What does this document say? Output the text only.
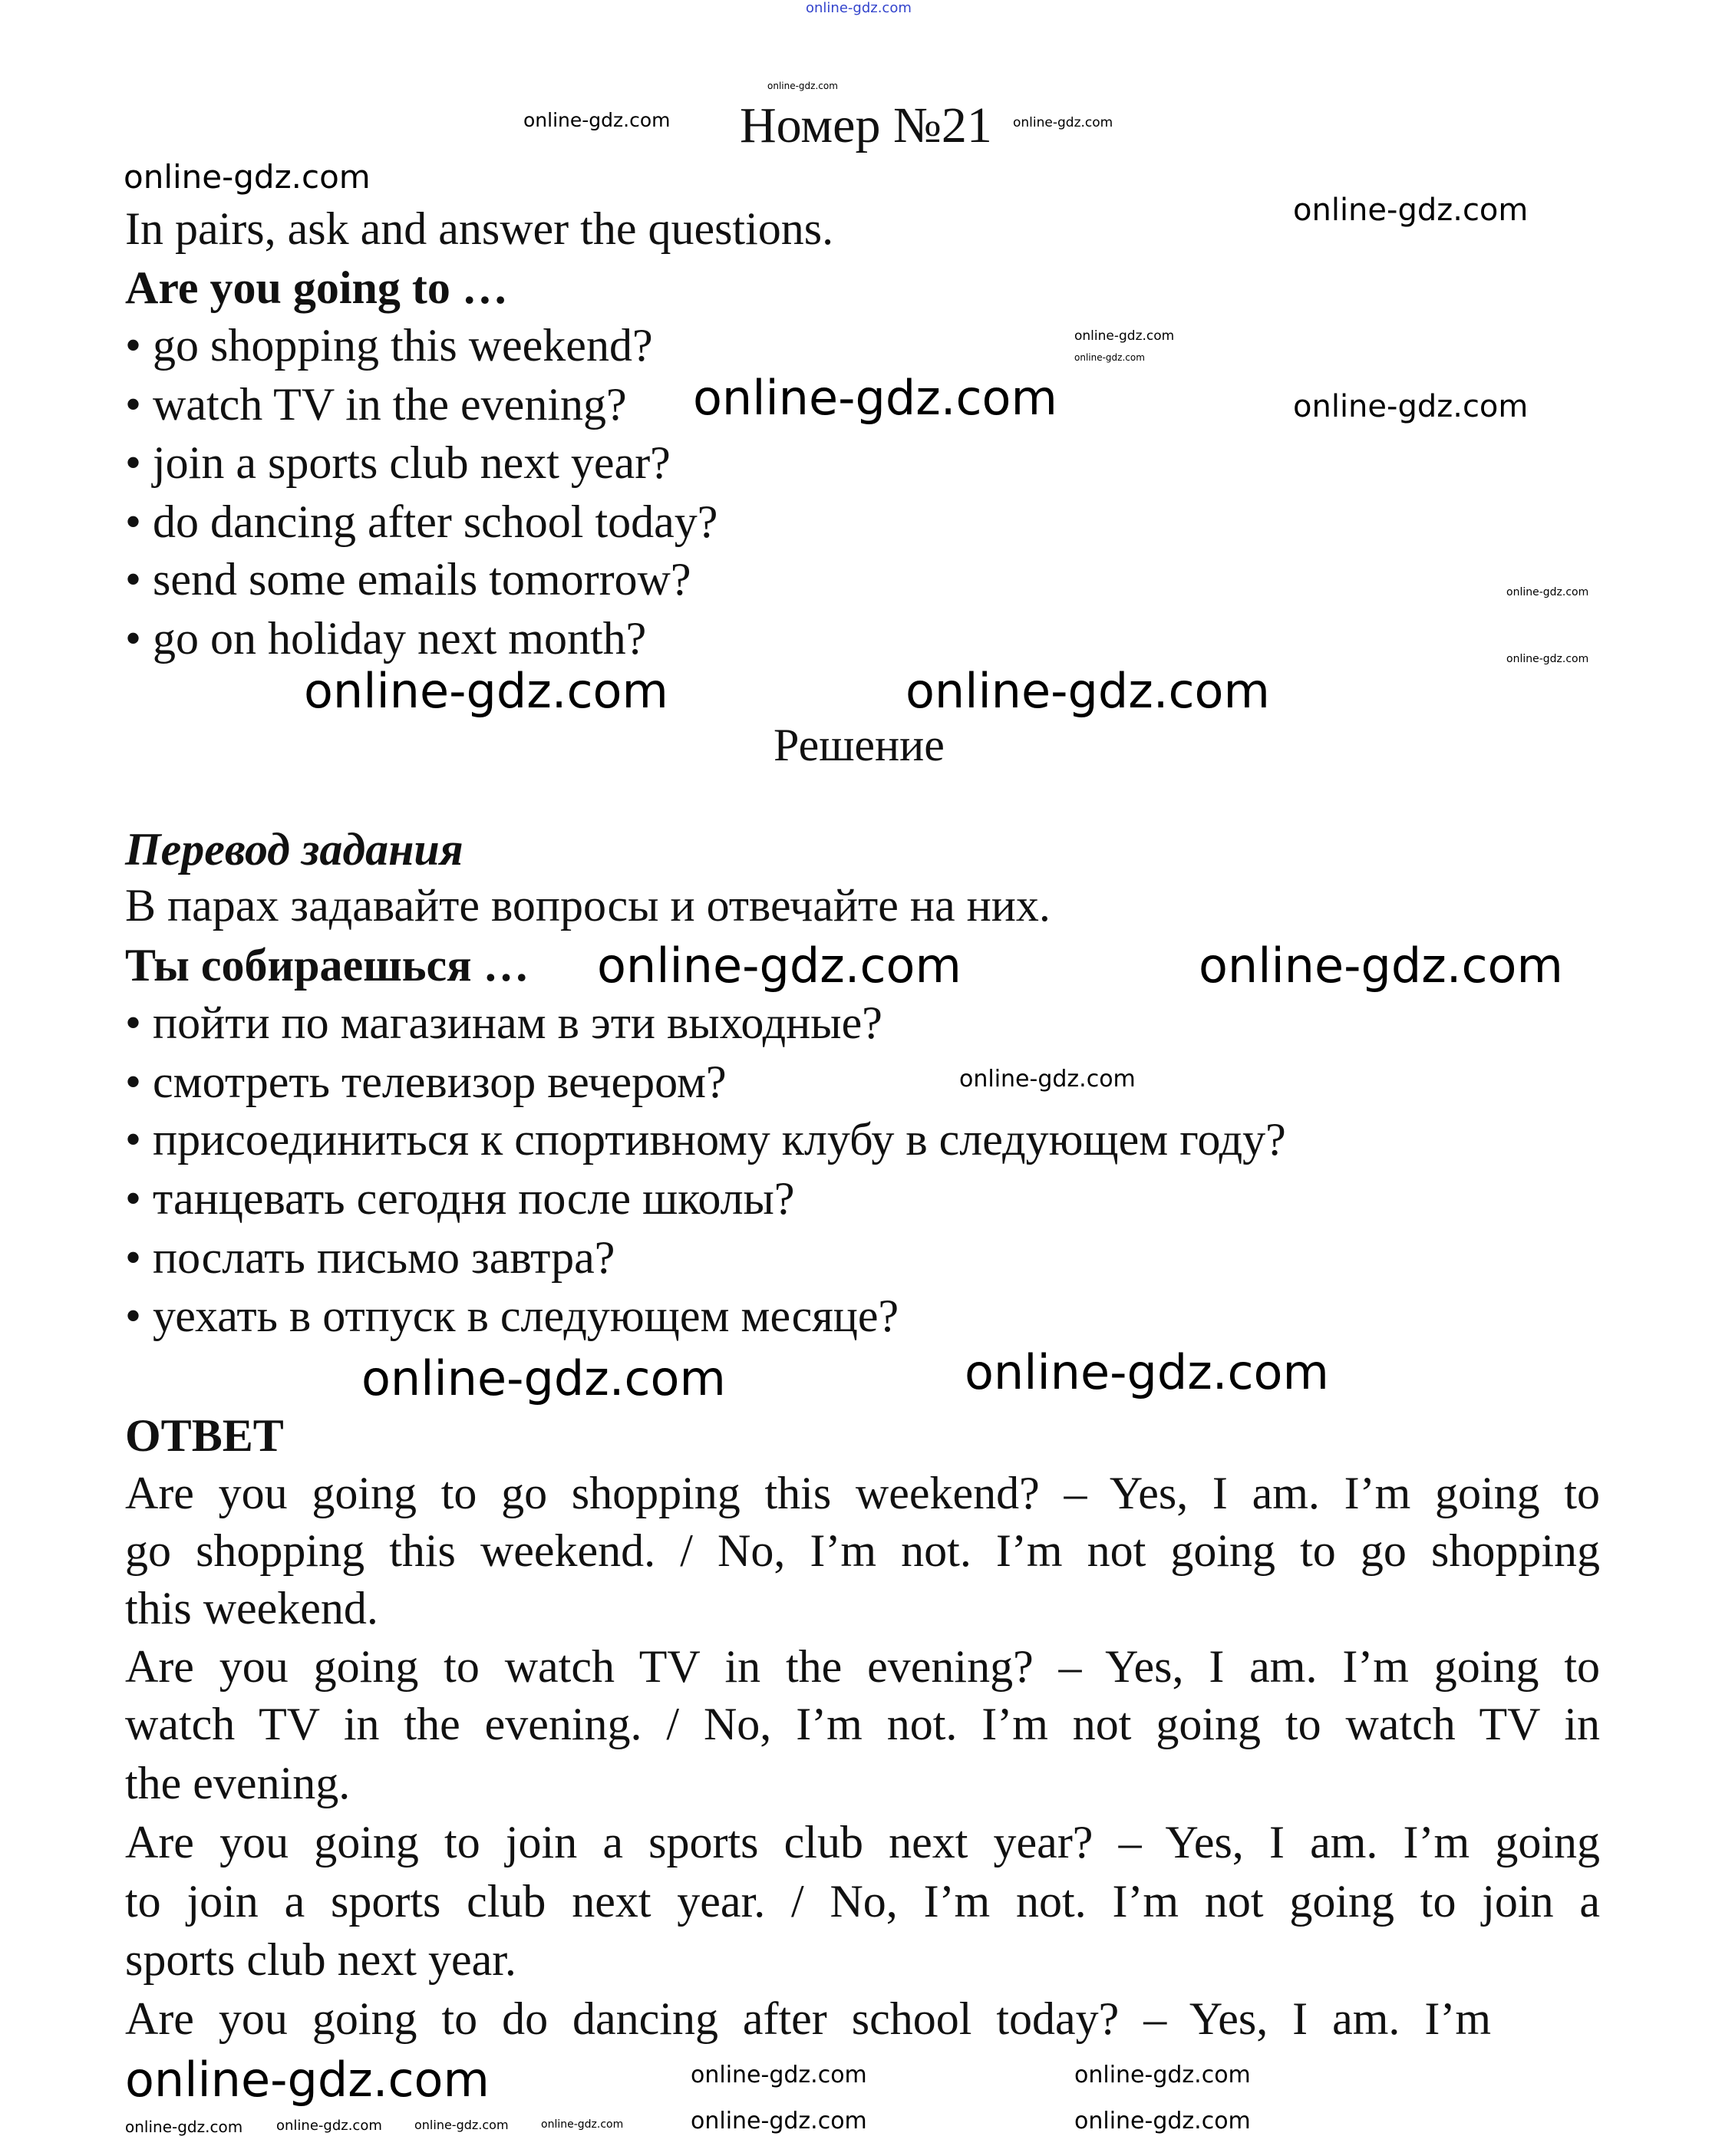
Номер №21
In pairs, ask and answer the questions.
Are you going to …
• go shopping this weekend?
• watch TV in the evening?
• join a sports club next year?
• do dancing after school today?
• send some emails tomorrow?
• go on holiday next month?
Решение
Перевод задания
В парах задавайте вопросы и отвечайте на них.
Ты собираешься …
• пойти по магазинам в эти выходные?
• смотреть телевизор вечером?
• присоединиться к спортивному клубу в следующем году?
• танцевать сегодня после школы?
• послать письмо завтра?
• уехать в отпуск в следующем месяце?
ОТВЕТ
Are you going to go shopping this weekend? – Yes, I am. I’m going to
go shopping this weekend. / No, I’m not. I’m not going to go shopping
this weekend.
Are you going to watch TV in the evening? – Yes, I am. I’m going to
watch TV in the evening. / No, I’m not. I’m not going to watch TV in
the evening.
Are you going to join a sports club next year? – Yes, I am. I’m going
to join a sports club next year. / No, I’m not. I’m not going to join a
sports club next year.
Are you going to do dancing after school today? – Yes, I am. I’m
online-gdz.com
online-gdz.com
online-gdz.com
online-gdz.com
online-gdz.com
online-gdz.com
online-gdz.com
online-gdz.com
online-gdz.com	online-gdz.com
online-gdz.com
online-gdz.com
online-gdz.com	online-gdz.com
online-gdz.com	online-gdz.com
online-gdz.com
online-gdz.com
online-gdz.com
online-gdz.com	online-gdz.com	online-gdz.com
online-gdz.com	online-gdz.com
online-gdz.com online-gdz.com	online-gdz.com	online-gdz.com
